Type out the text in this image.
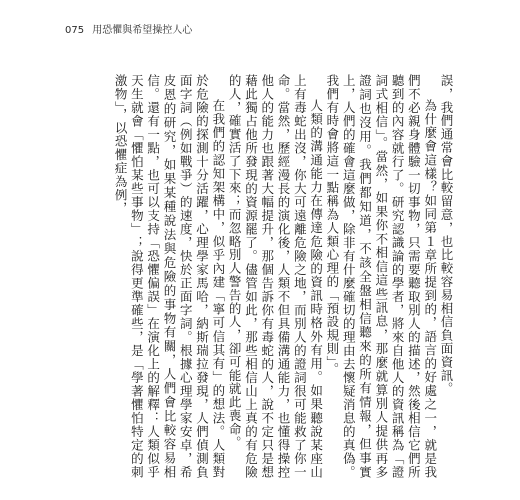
075 用恐懼與希望操控人心

誤，我們通常會比較留意，也比較容易相信負面資訊。

為什麼會這樣？如同第１章所提到的，語言的好處之一，就是我們不必親身體驗一切事物，只需要聽取別人的描述，然後相信它們所聽到的內容就行了。研究認識論的學者，將來自他人的資訊稱為「證詞式相信」。當然，如果你不相信這些訊息，那麼就算別人提供再多證詞也沒用。我們都知道，不該全盤相信聽來的所有情報，但事實上，人們的確會這麼做，除非有什麼確切的理由去懷疑消息的真偽。我們有時會將這一點稱為人類心理的「預設規則」。

人類的溝通能力在傳達危險的資訊時格外有用。如果聽說某座山上有毒蛇出沒，你大可遠離危險之地，而別人的證詞很可能救了你一命。當然，歷經漫長的演化後，人類不但具備溝通能力，也懂得操控他人的能力也跟著大幅提升，那個告訴你有毒蛇的人，說不定只是想藉此獨占他所發現的資源罷了。儘管如此，那些相信山上真的有危險的人，確實活了下來；而忽略別人警告的人，卻可能就此喪命。

在我們的認知架構中，似乎內建「寧可信其有」的想法。人類對於危險的探測十分活躍，心理學家馬哈，納斯瑞拉發現，人們偵測負面字詞（例如戰爭）的速度，快於正面字詞。根據心理學家安卓，希皮恩的研究，如果某種說法與危險的事物有關，人們會比較容易相信。還有一點，也可以支持「恐懼偏誤」在演化上的解釋：人類似乎天生就會「懼怕某些事物」；說得更準確些，是「學著懼怕特定的刺激物」，以恐懼症為例，
